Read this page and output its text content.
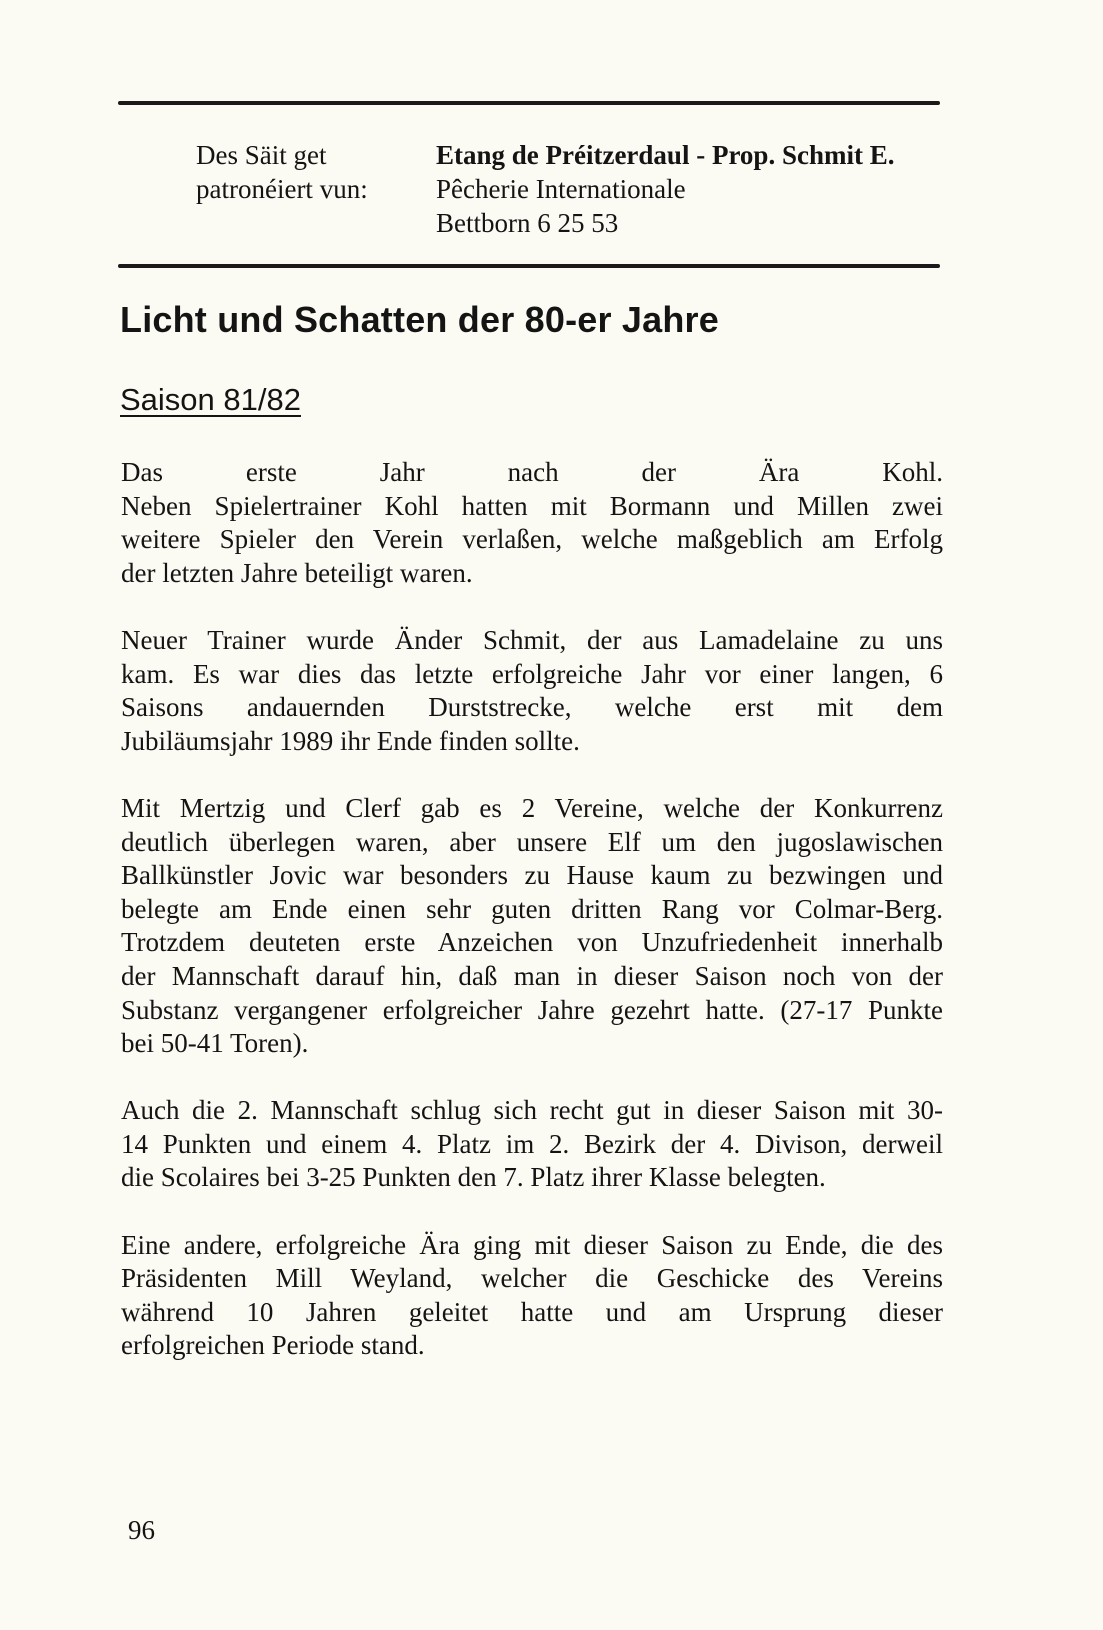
Des Säit get
patronéiert vun:
Etang de Préitzerdaul - Prop. Schmit E.
Pêcherie Internationale
Bettborn 6 25 53
Licht und Schatten der 80-er Jahre
Saison 81/82
Das erste Jahr nach der Ära Kohl.
Neben Spielertrainer Kohl hatten mit Bormann und Millen zwei
weitere Spieler den Verein verlaßen, welche maßgeblich am Erfolg
der letzten Jahre beteiligt waren.
Neuer Trainer wurde Änder Schmit, der aus Lamadelaine zu uns
kam. Es war dies das letzte erfolgreiche Jahr vor einer langen, 6
Saisons andauernden Durststrecke, welche erst mit dem
Jubiläumsjahr 1989 ihr Ende finden sollte.
Mit Mertzig und Clerf gab es 2 Vereine, welche der Konkurrenz
deutlich überlegen waren, aber unsere Elf um den jugoslawischen
Ballkünstler Jovic war besonders zu Hause kaum zu bezwingen und
belegte am Ende einen sehr guten dritten Rang vor Colmar-Berg.
Trotzdem deuteten erste Anzeichen von Unzufriedenheit innerhalb
der Mannschaft darauf hin, daß man in dieser Saison noch von der
Substanz vergangener erfolgreicher Jahre gezehrt hatte. (27-17 Punkte
bei 50-41 Toren).
Auch die 2. Mannschaft schlug sich recht gut in dieser Saison mit 30-
14 Punkten und einem 4. Platz im 2. Bezirk der 4. Divison, derweil
die Scolaires bei 3-25 Punkten den 7. Platz ihrer Klasse belegten.
Eine andere, erfolgreiche Ära ging mit dieser Saison zu Ende, die des
Präsidenten Mill Weyland, welcher die Geschicke des Vereins
während 10 Jahren geleitet hatte und am Ursprung dieser
erfolgreichen Periode stand.
96
